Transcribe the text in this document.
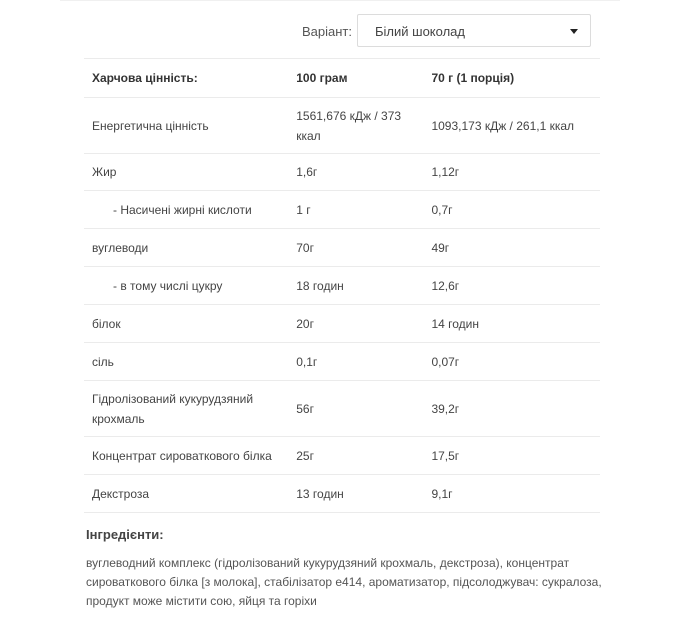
Варіант: Білий шоколад
Харчова цінність:	100 грам	70 г (1 порція)
Енергетична цінність	1561,676 кДж / 373 ккал	1093,173 кДж / 261,1 ккал
Жир	1,6г	1,12г
- Насичені жирні кислоти	1 г	0,7г
вуглеводи	70г	49г
- в тому числі цукру	18 годин	12,6г
білок	20г	14 годин
сіль	0,1г	0,07г
Гідролізований кукурудзяний крохмаль	56г	39,2г
Концентрат сироваткового білка	25г	17,5г
Декстроза	13 годин	9,1г
Інгредієнти:
вуглеводний комплекс (гідролізований кукурудзяний крохмаль, декстроза), концентрат сироваткового білка [з молока], стабілізатор е414, ароматизатор, підсолоджувач: сукралоза, продукт може містити сою, яйця та горіхи
